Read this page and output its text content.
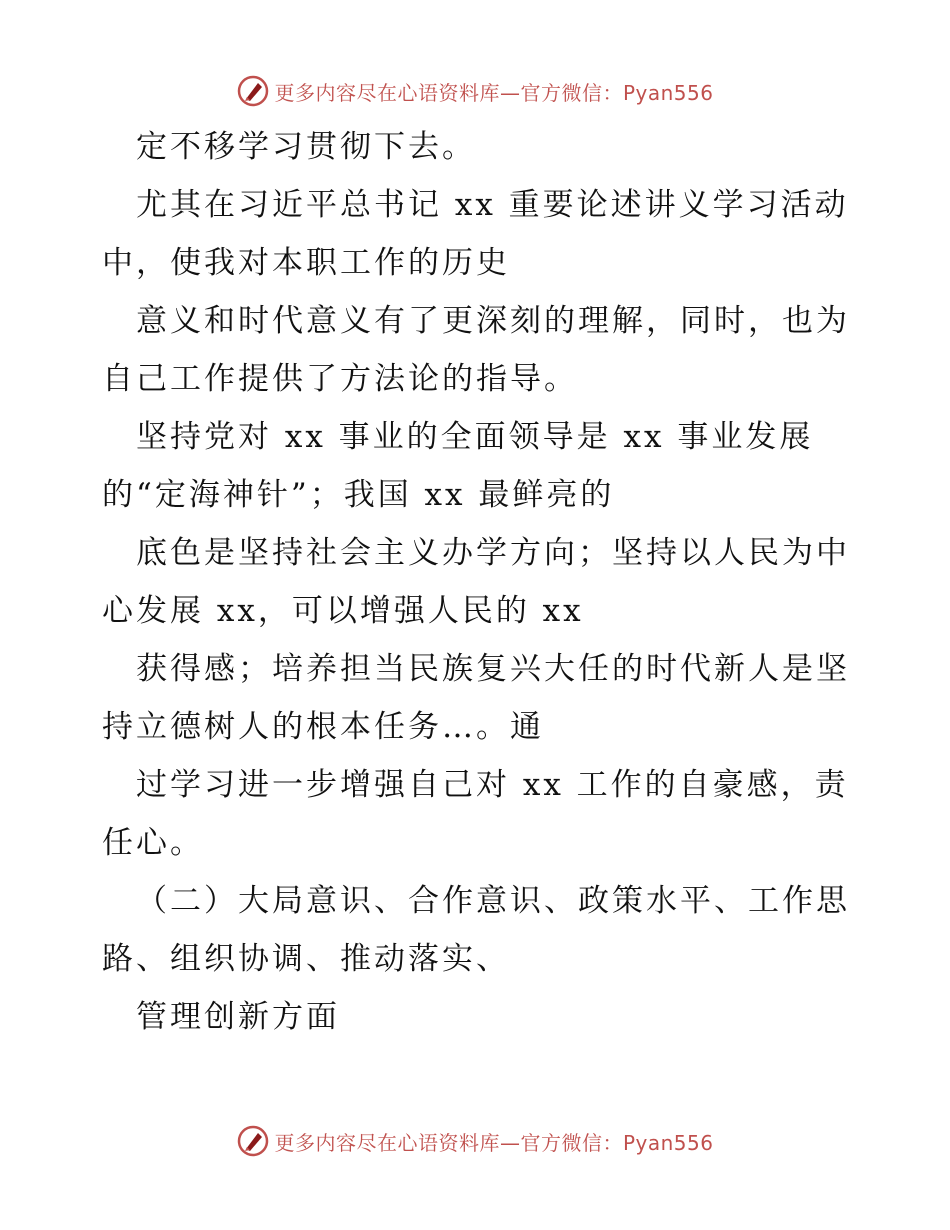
更多内容尽在心语资料库—官方微信：Pyan556
定不移学习贯彻下去。
尤其在习近平总书记 xx 重要论述讲义学习活动
中，使我对本职工作的历史
意义和时代意义有了更深刻的理解，同时，也为
自己工作提供了方法论的指导。
坚持党对 xx 事业的全面领导是 xx 事业发展
的“定海神针”；我国 xx 最鲜亮的
底色是坚持社会主义办学方向；坚持以人民为中
心发展 xx，可以增强人民的 xx
获得感；培养担当民族复兴大任的时代新人是坚
持立德树人的根本任务…。通
过学习进一步增强自己对 xx 工作的自豪感，责
任心。
（二）大局意识、合作意识、政策水平、工作思
路、组织协调、推动落实、
管理创新方面
更多内容尽在心语资料库—官方微信：Pyan556
